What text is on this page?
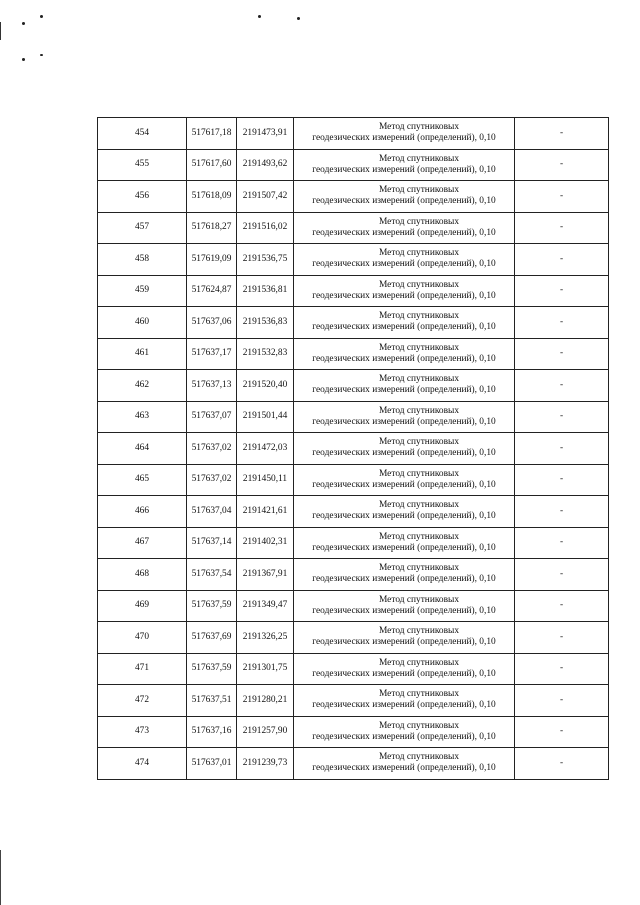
454	517617,18	2191473,91	Метод спутниковых
геодезических измерений (определений), 0,10	-
455	517617,60	2191493,62	Метод спутниковых
геодезических измерений (определений), 0,10	-
456	517618,09	2191507,42	Метод спутниковых
геодезических измерений (определений), 0,10	-
457	517618,27	2191516,02	Метод спутниковых
геодезических измерений (определений), 0,10	-
458	517619,09	2191536,75	Метод спутниковых
геодезических измерений (определений), 0,10	-
459	517624,87	2191536,81	Метод спутниковых
геодезических измерений (определений), 0,10	-
460	517637,06	2191536,83	Метод спутниковых
геодезических измерений (определений), 0,10	-
461	517637,17	2191532,83	Метод спутниковых
геодезических измерений (определений), 0,10	-
462	517637,13	2191520,40	Метод спутниковых
геодезических измерений (определений), 0,10	-
463	517637,07	2191501,44	Метод спутниковых
геодезических измерений (определений), 0,10	-
464	517637,02	2191472,03	Метод спутниковых
геодезических измерений (определений), 0,10	-
465	517637,02	2191450,11	Метод спутниковых
геодезических измерений (определений), 0,10	-
466	517637,04	2191421,61	Метод спутниковых
геодезических измерений (определений), 0,10	-
467	517637,14	2191402,31	Метод спутниковых
геодезических измерений (определений), 0,10	-
468	517637,54	2191367,91	Метод спутниковых
геодезических измерений (определений), 0,10	-
469	517637,59	2191349,47	Метод спутниковых
геодезических измерений (определений), 0,10	-
470	517637,69	2191326,25	Метод спутниковых
геодезических измерений (определений), 0,10	-
471	517637,59	2191301,75	Метод спутниковых
геодезических измерений (определений), 0,10	-
472	517637,51	2191280,21	Метод спутниковых
геодезических измерений (определений), 0,10	-
473	517637,16	2191257,90	Метод спутниковых
геодезических измерений (определений), 0,10	-
474	517637,01	2191239,73	Метод спутниковых
геодезических измерений (определений), 0,10	-
